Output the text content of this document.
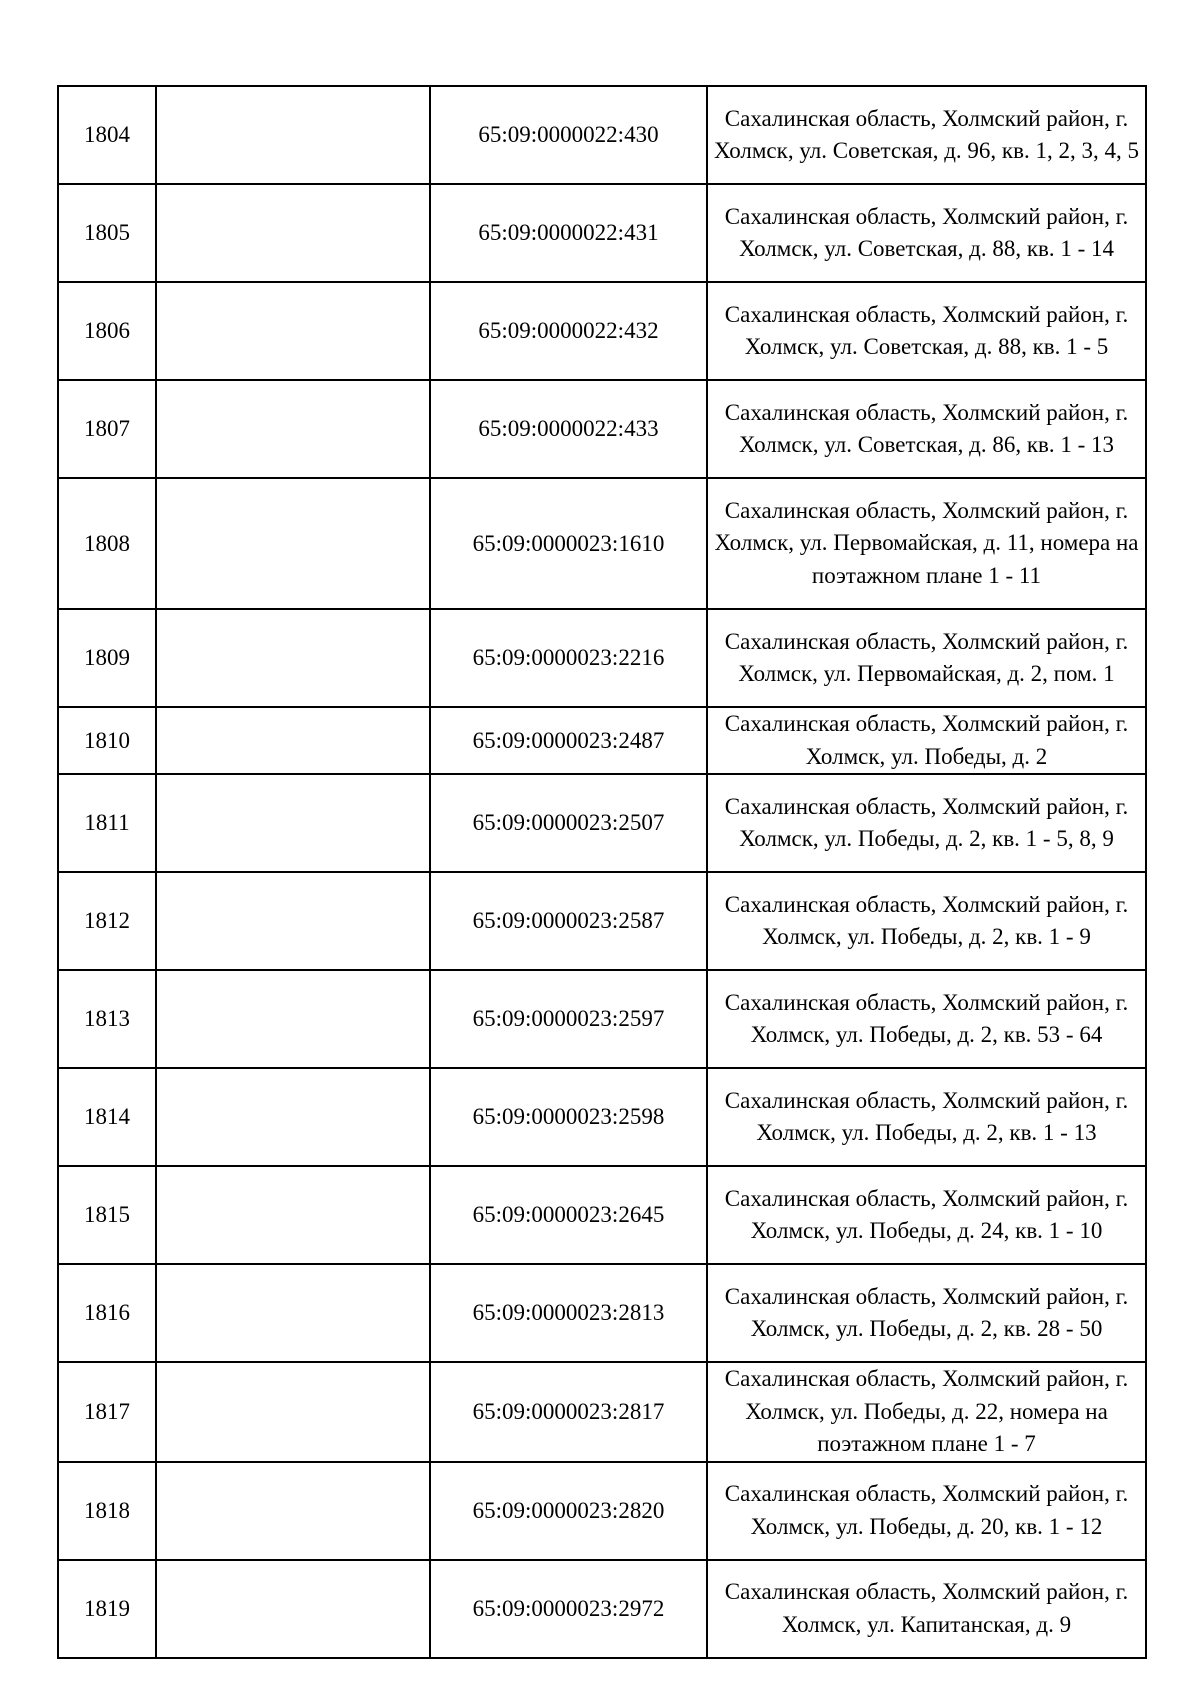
1804		65:09:0000022:430	Сахалинская область, Холмский район, г. Холмск, ул. Советская, д. 96, кв. 1, 2, 3, 4, 5

1805		65:09:0000022:431	Сахалинская область, Холмский район, г. Холмск, ул. Советская, д. 88, кв. 1 - 14

1806		65:09:0000022:432	Сахалинская область, Холмский район, г. Холмск, ул. Советская, д. 88, кв. 1 - 5

1807		65:09:0000022:433	Сахалинская область, Холмский район, г. Холмск, ул. Советская, д. 86, кв. 1 - 13

1808		65:09:0000023:1610	Сахалинская область, Холмский район, г. Холмск, ул. Первомайская, д. 11, номера на поэтажном плане 1 - 11

1809		65:09:0000023:2216	Сахалинская область, Холмский район, г. Холмск, ул. Первомайская, д. 2, пом. 1

1810		65:09:0000023:2487	Сахалинская область, Холмский район, г. Холмск, ул. Победы, д. 2

1811		65:09:0000023:2507	Сахалинская область, Холмский район, г. Холмск, ул. Победы, д. 2, кв. 1 - 5, 8, 9

1812		65:09:0000023:2587	Сахалинская область, Холмский район, г. Холмск, ул. Победы, д. 2, кв. 1 - 9

1813		65:09:0000023:2597	Сахалинская область, Холмский район, г. Холмск, ул. Победы, д. 2, кв. 53 - 64

1814		65:09:0000023:2598	Сахалинская область, Холмский район, г. Холмск, ул. Победы, д. 2, кв. 1 - 13

1815		65:09:0000023:2645	Сахалинская область, Холмский район, г. Холмск, ул. Победы, д. 24, кв. 1 - 10

1816		65:09:0000023:2813	Сахалинская область, Холмский район, г. Холмск, ул. Победы, д. 2, кв. 28 - 50

1817		65:09:0000023:2817	Сахалинская область, Холмский район, г. Холмск, ул. Победы, д. 22, номера на поэтажном плане 1 - 7

1818		65:09:0000023:2820	Сахалинская область, Холмский район, г. Холмск, ул. Победы, д. 20, кв. 1 - 12

1819		65:09:0000023:2972	Сахалинская область, Холмский район, г. Холмск, ул. Капитанская, д. 9
